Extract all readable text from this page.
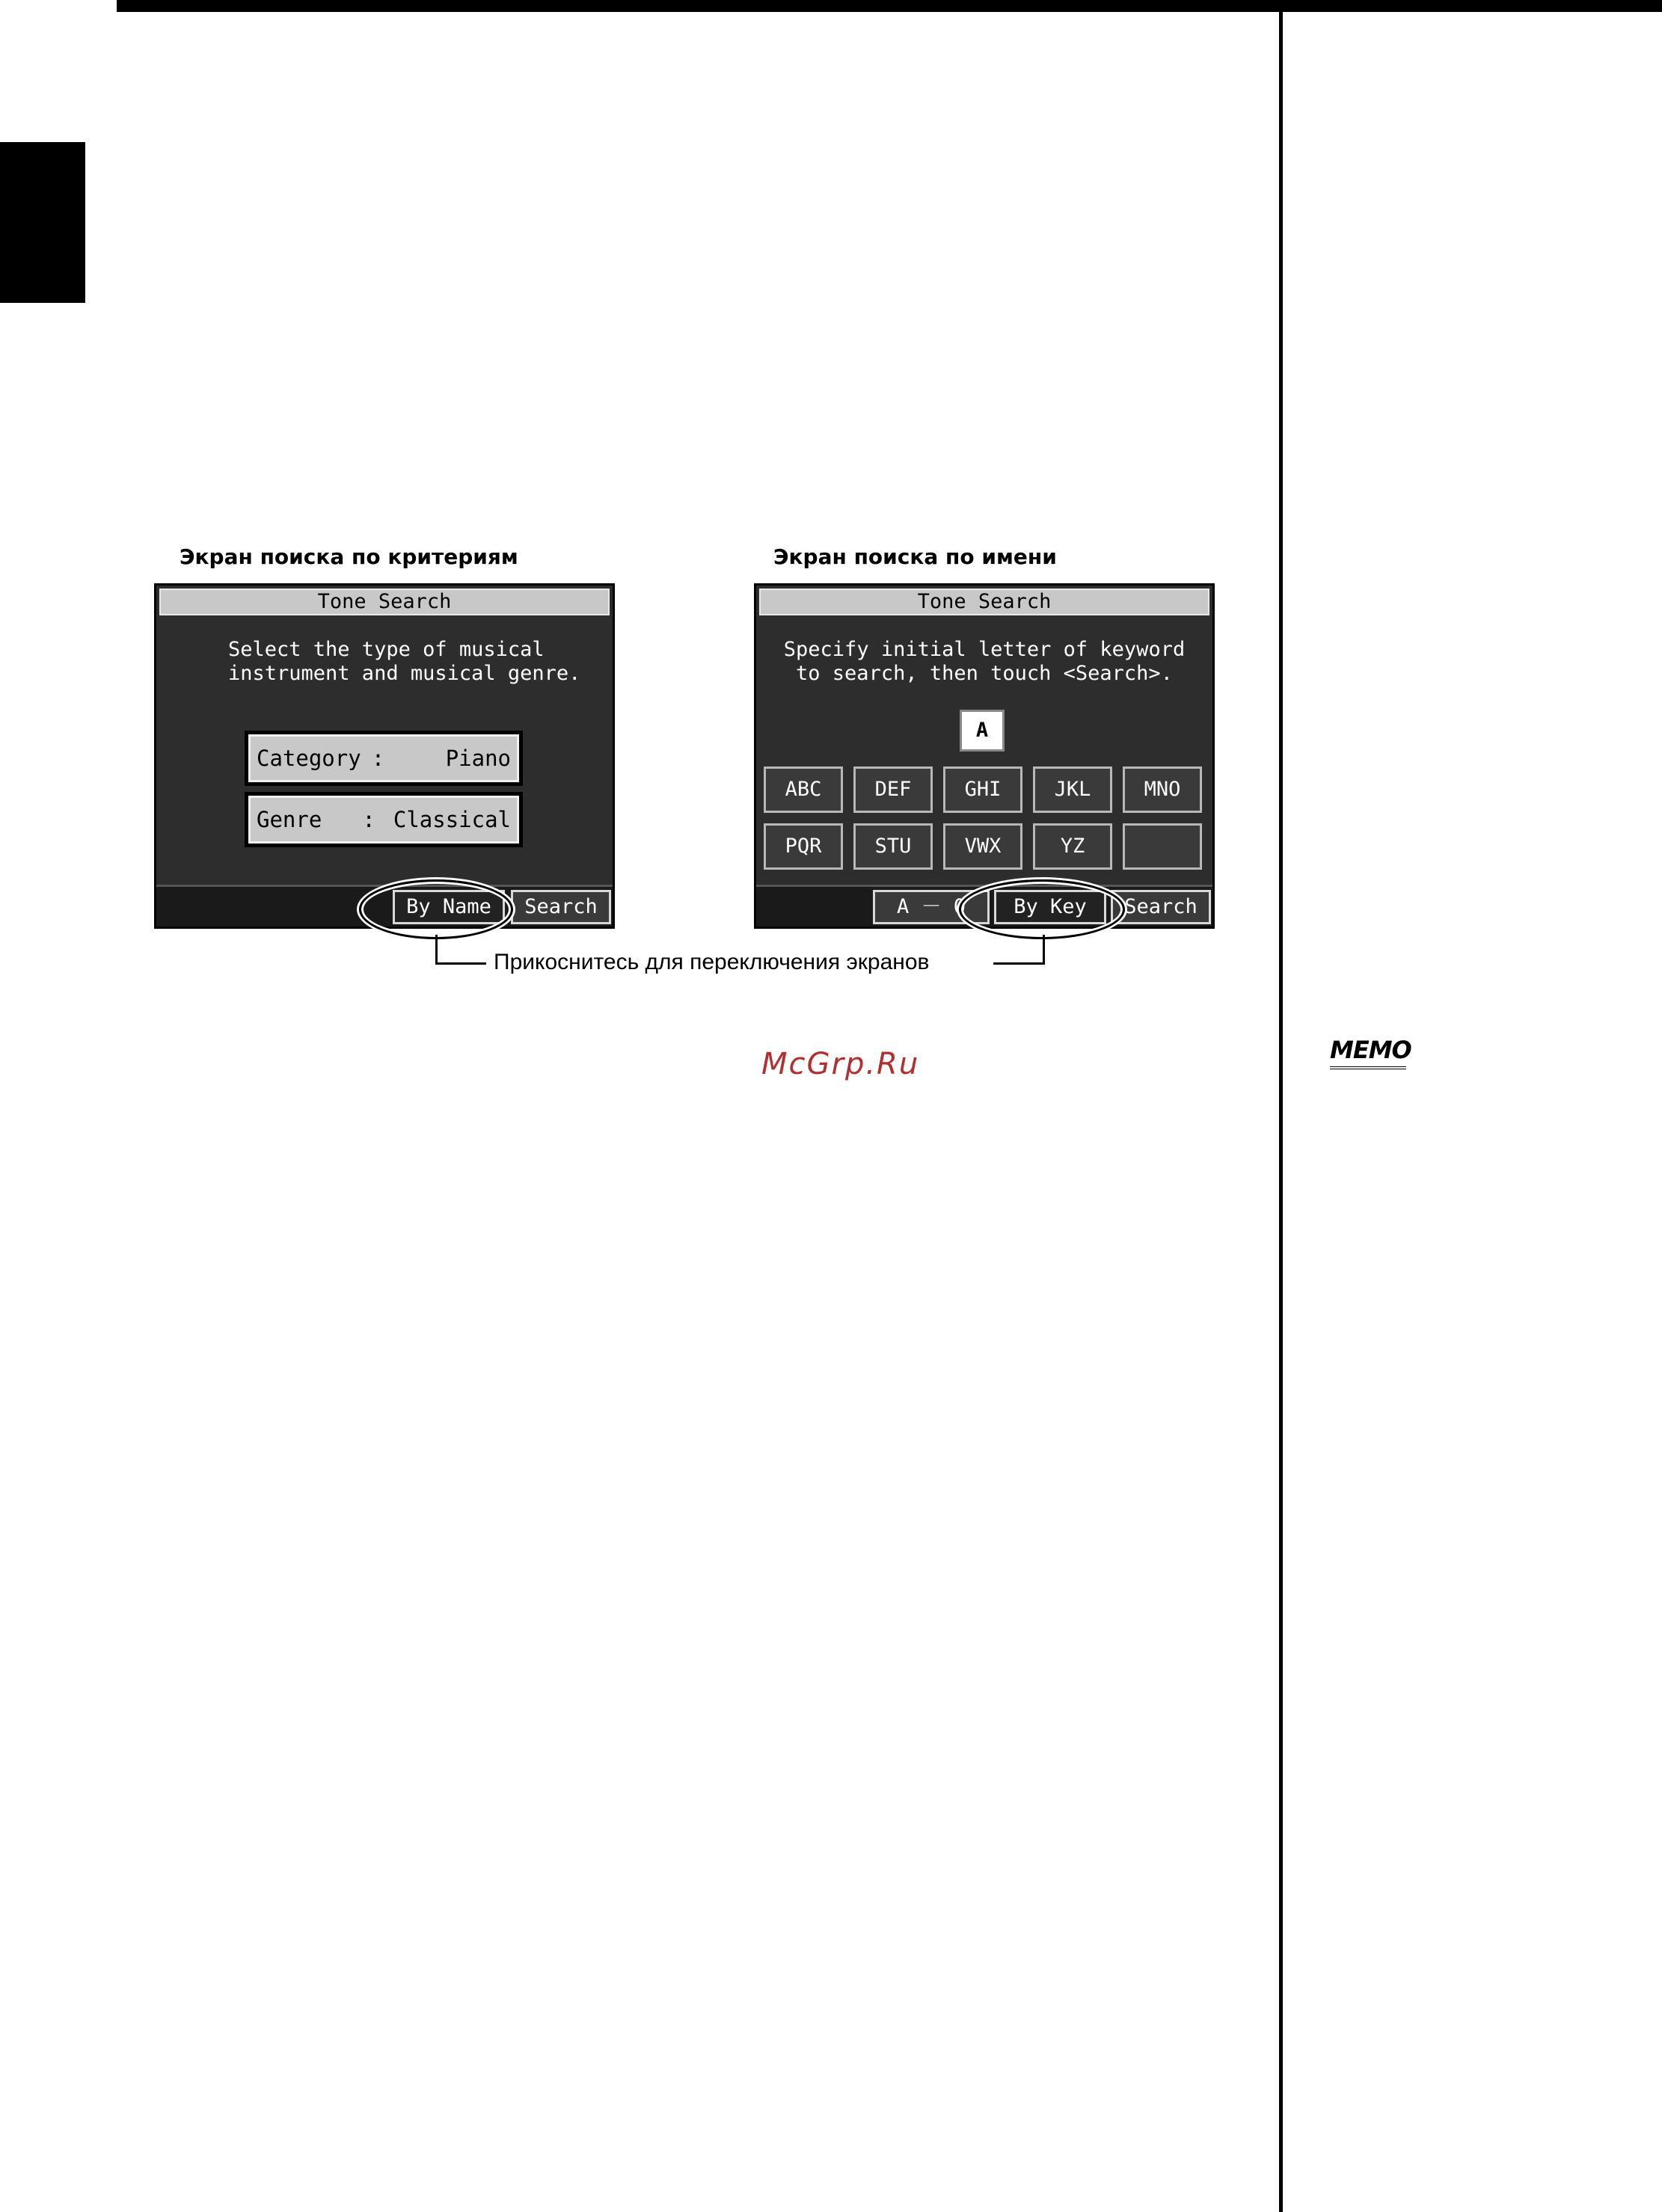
Экран поиска по критериям	Экран поиска по имени
Tone Search
Select the type of musical
instrument and musical genre.
Category :	Piano
Genre : Classical
By Name	Search
Tone Search
Specify initial letter of keyword
to search, then touch <Search>.
A
ABC	DEF	GHI	JKL	MNO
PQR	STU	VWX	YZ
A － 0	By Key	Search
Прикоснитесь для переключения экранов
MEMO
McGrp.Ru
